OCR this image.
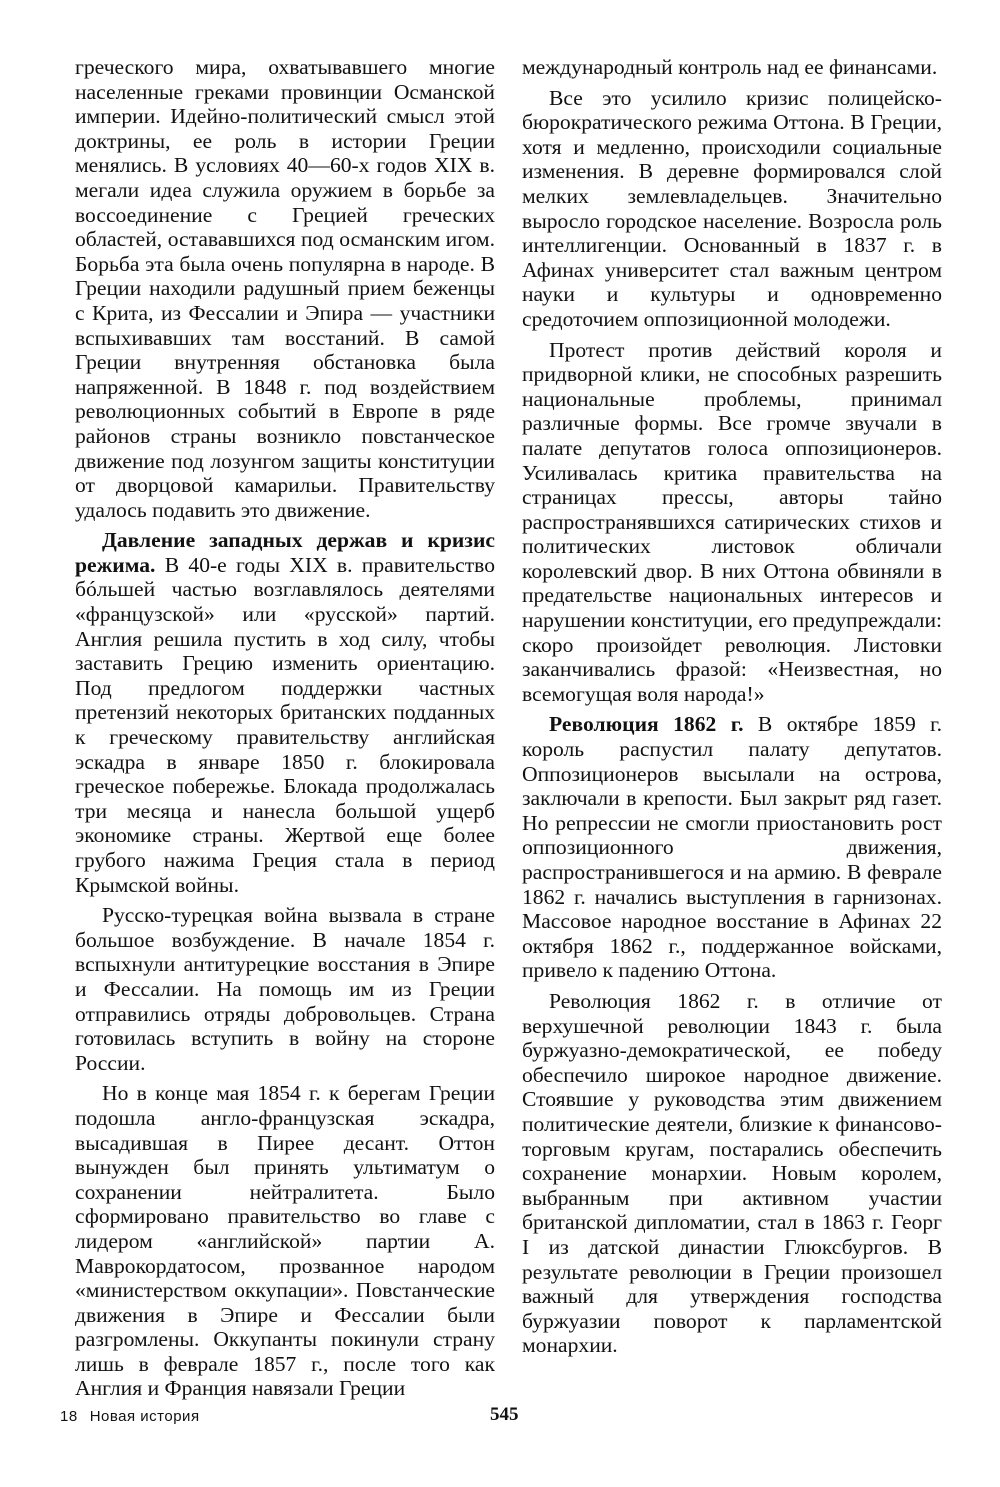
греческого мира, охватывавшего многие населенные греками провинции Османской империи. Идейно-политический смысл этой доктрины, ее роль в истории Греции менялись. В условиях 40—60-х годов XIX в. мегали идеа служила оружием в борьбе за воссоединение с Грецией греческих областей, остававшихся под османским игом. Борьба эта была очень популярна в народе. В Греции находили радушный прием беженцы с Крита, из Фессалии и Эпира — участники вспыхивавших там восстаний. В самой Греции внутренняя обстановка была напряженной. В 1848 г. под воздействием революционных событий в Европе в ряде районов страны возникло повстанческое движение под лозунгом защиты конституции от дворцовой камарильи. Правительству удалось подавить это движение.

Давление западных держав и кризис режима. В 40-е годы XIX в. правительство бóльшей частью возглавлялось деятелями «французской» или «русской» партий. Англия решила пустить в ход силу, чтобы заставить Грецию изменить ориентацию. Под предлогом поддержки частных претензий некоторых британских подданных к греческому правительству английская эскадра в январе 1850 г. блокировала греческое побережье. Блокада продолжалась три месяца и нанесла большой ущерб экономике страны. Жертвой еще более грубого нажима Греция стала в период Крымской войны.

Русско-турецкая война вызвала в стране большое возбуждение. В начале 1854 г. вспыхнули антитурецкие восстания в Эпире и Фессалии. На помощь им из Греции отправились отряды добровольцев. Страна готовилась вступить в войну на стороне России.

Но в конце мая 1854 г. к берегам Греции подошла англо-французская эскадра, высадившая в Пирее десант. Оттон вынужден был принять ультиматум о сохранении нейтралитета. Было сформировано правительство во главе с лидером «английской» партии А. Маврокордатосом, прозванное народом «министерством оккупации». Повстанческие движения в Эпире и Фессалии были разгромлены. Оккупанты покинули страну лишь в феврале 1857 г., после того как Англия и Франция навязали Греции

международный контроль над ее финансами.

Все это усилило кризис полицейско-бюрократического режима Оттона. В Греции, хотя и медленно, происходили социальные изменения. В деревне формировался слой мелких землевладельцев. Значительно выросло городское население. Возросла роль интеллигенции. Основанный в 1837 г. в Афинах университет стал важным центром науки и культуры и одновременно средоточием оппозиционной молодежи.

Протест против действий короля и придворной клики, не способных разрешить национальные проблемы, принимал различные формы. Все громче звучали в палате депутатов голоса оппозиционеров. Усиливалась критика правительства на страницах прессы, авторы тайно распространявшихся сатирических стихов и политических листовок обличали королевский двор. В них Оттона обвиняли в предательстве национальных интересов и нарушении конституции, его предупреждали: скоро произойдет революция. Листовки заканчивались фразой: «Неизвестная, но всемогущая воля народа!»

Революция 1862 г. В октябре 1859 г. король распустил палату депутатов. Оппозиционеров высылали на острова, заключали в крепости. Был закрыт ряд газет. Но репрессии не смогли приостановить рост оппозиционного движения, распространившегося и на армию. В феврале 1862 г. начались выступления в гарнизонах. Массовое народное восстание в Афинах 22 октября 1862 г., поддержанное войсками, привело к падению Оттона.

Революция 1862 г. в отличие от верхушечной революции 1843 г. была буржуазно-демократической, ее победу обеспечило широкое народное движение. Стоявшие у руководства этим движением политические деятели, близкие к финансово-торговым кругам, постарались обеспечить сохранение монархии. Новым королем, выбранным при активном участии британской дипломатии, стал в 1863 г. Георг I из датской династии Глюксбургов. В результате революции в Греции произошел важный для утверждения господства буржуазии поворот к парламентской монархии.

18 Новая история	545
